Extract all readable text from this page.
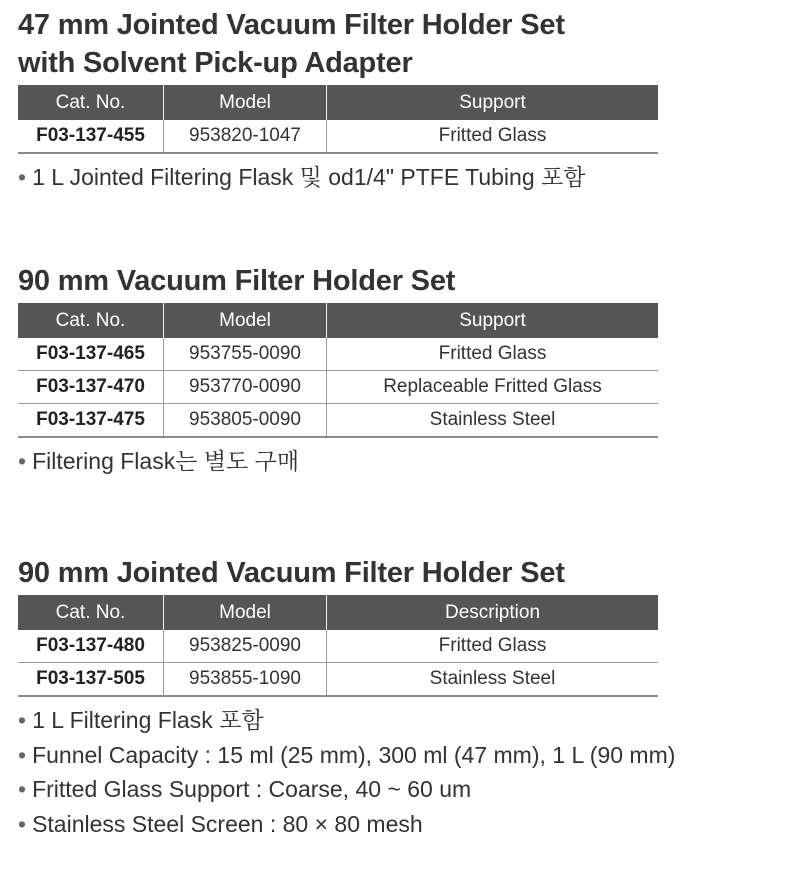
47 mm Jointed Vacuum Filter Holder Set
with Solvent Pick-up Adapter
Cat. No.	Model	Support
F03-137-455	953820-1047	Fritted Glass
• 1 L Jointed Filtering Flask 및 od1/4" PTFE Tubing 포함
90 mm Vacuum Filter Holder Set
Cat. No.	Model	Support
F03-137-465	953755-0090	Fritted Glass
F03-137-470	953770-0090	Replaceable Fritted Glass
F03-137-475	953805-0090	Stainless Steel
• Filtering Flask는 별도 구매
90 mm Jointed Vacuum Filter Holder Set
Cat. No.	Model	Description
F03-137-480	953825-0090	Fritted Glass
F03-137-505	953855-1090	Stainless Steel
• 1 L Filtering Flask 포함
• Funnel Capacity : 15 ml (25 mm), 300 ml (47 mm), 1 L (90 mm)
• Fritted Glass Support : Coarse, 40 ~ 60 um
• Stainless Steel Screen : 80 × 80 mesh
